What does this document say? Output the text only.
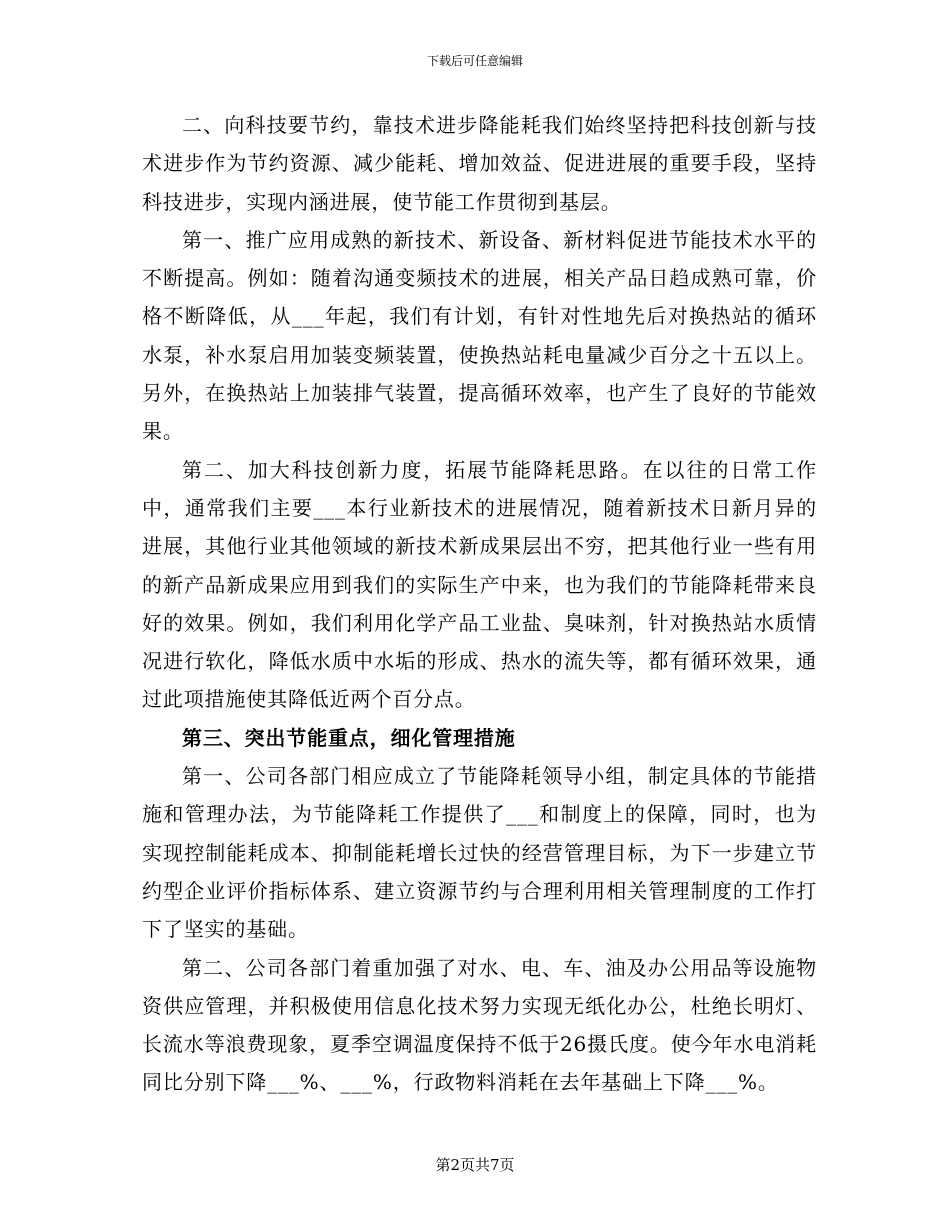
下载后可任意编辑

二、向科技要节约，靠技术进步降能耗我们始终坚持把科技创新与技术进步作为节约资源、减少能耗、增加效益、促进进展的重要手段，坚持科技进步，实现内涵进展，使节能工作贯彻到基层。

第一、推广应用成熟的新技术、新设备、新材料促进节能技术水平的不断提高。例如：随着沟通变频技术的进展，相关产品日趋成熟可靠，价格不断降低，从___年起，我们有计划，有针对性地先后对换热站的循环水泵，补水泵启用加装变频装置，使换热站耗电量减少百分之十五以上。另外，在换热站上加装排气装置，提高循环效率，也产生了良好的节能效果。

第二、加大科技创新力度，拓展节能降耗思路。在以往的日常工作中，通常我们主要___本行业新技术的进展情况，随着新技术日新月异的进展，其他行业其他领域的新技术新成果层出不穷，把其他行业一些有用的新产品新成果应用到我们的实际生产中来，也为我们的节能降耗带来良好的效果。例如，我们利用化学产品工业盐、臭味剂，针对换热站水质情况进行软化，降低水质中水垢的形成、热水的流失等，都有循环效果，通过此项措施使其降低近两个百分点。

第三、突出节能重点，细化管理措施

第一、公司各部门相应成立了节能降耗领导小组，制定具体的节能措施和管理办法，为节能降耗工作提供了___和制度上的保障，同时，也为实现控制能耗成本、抑制能耗增长过快的经营管理目标，为下一步建立节约型企业评价指标体系、建立资源节约与合理利用相关管理制度的工作打下了坚实的基础。

第二、公司各部门着重加强了对水、电、车、油及办公用品等设施物资供应管理，并积极使用信息化技术努力实现无纸化办公，杜绝长明灯、长流水等浪费现象，夏季空调温度保持不低于26摄氏度。使今年水电消耗同比分别下降___%、___%，行政物料消耗在去年基础上下降___%。

第2页共7页
